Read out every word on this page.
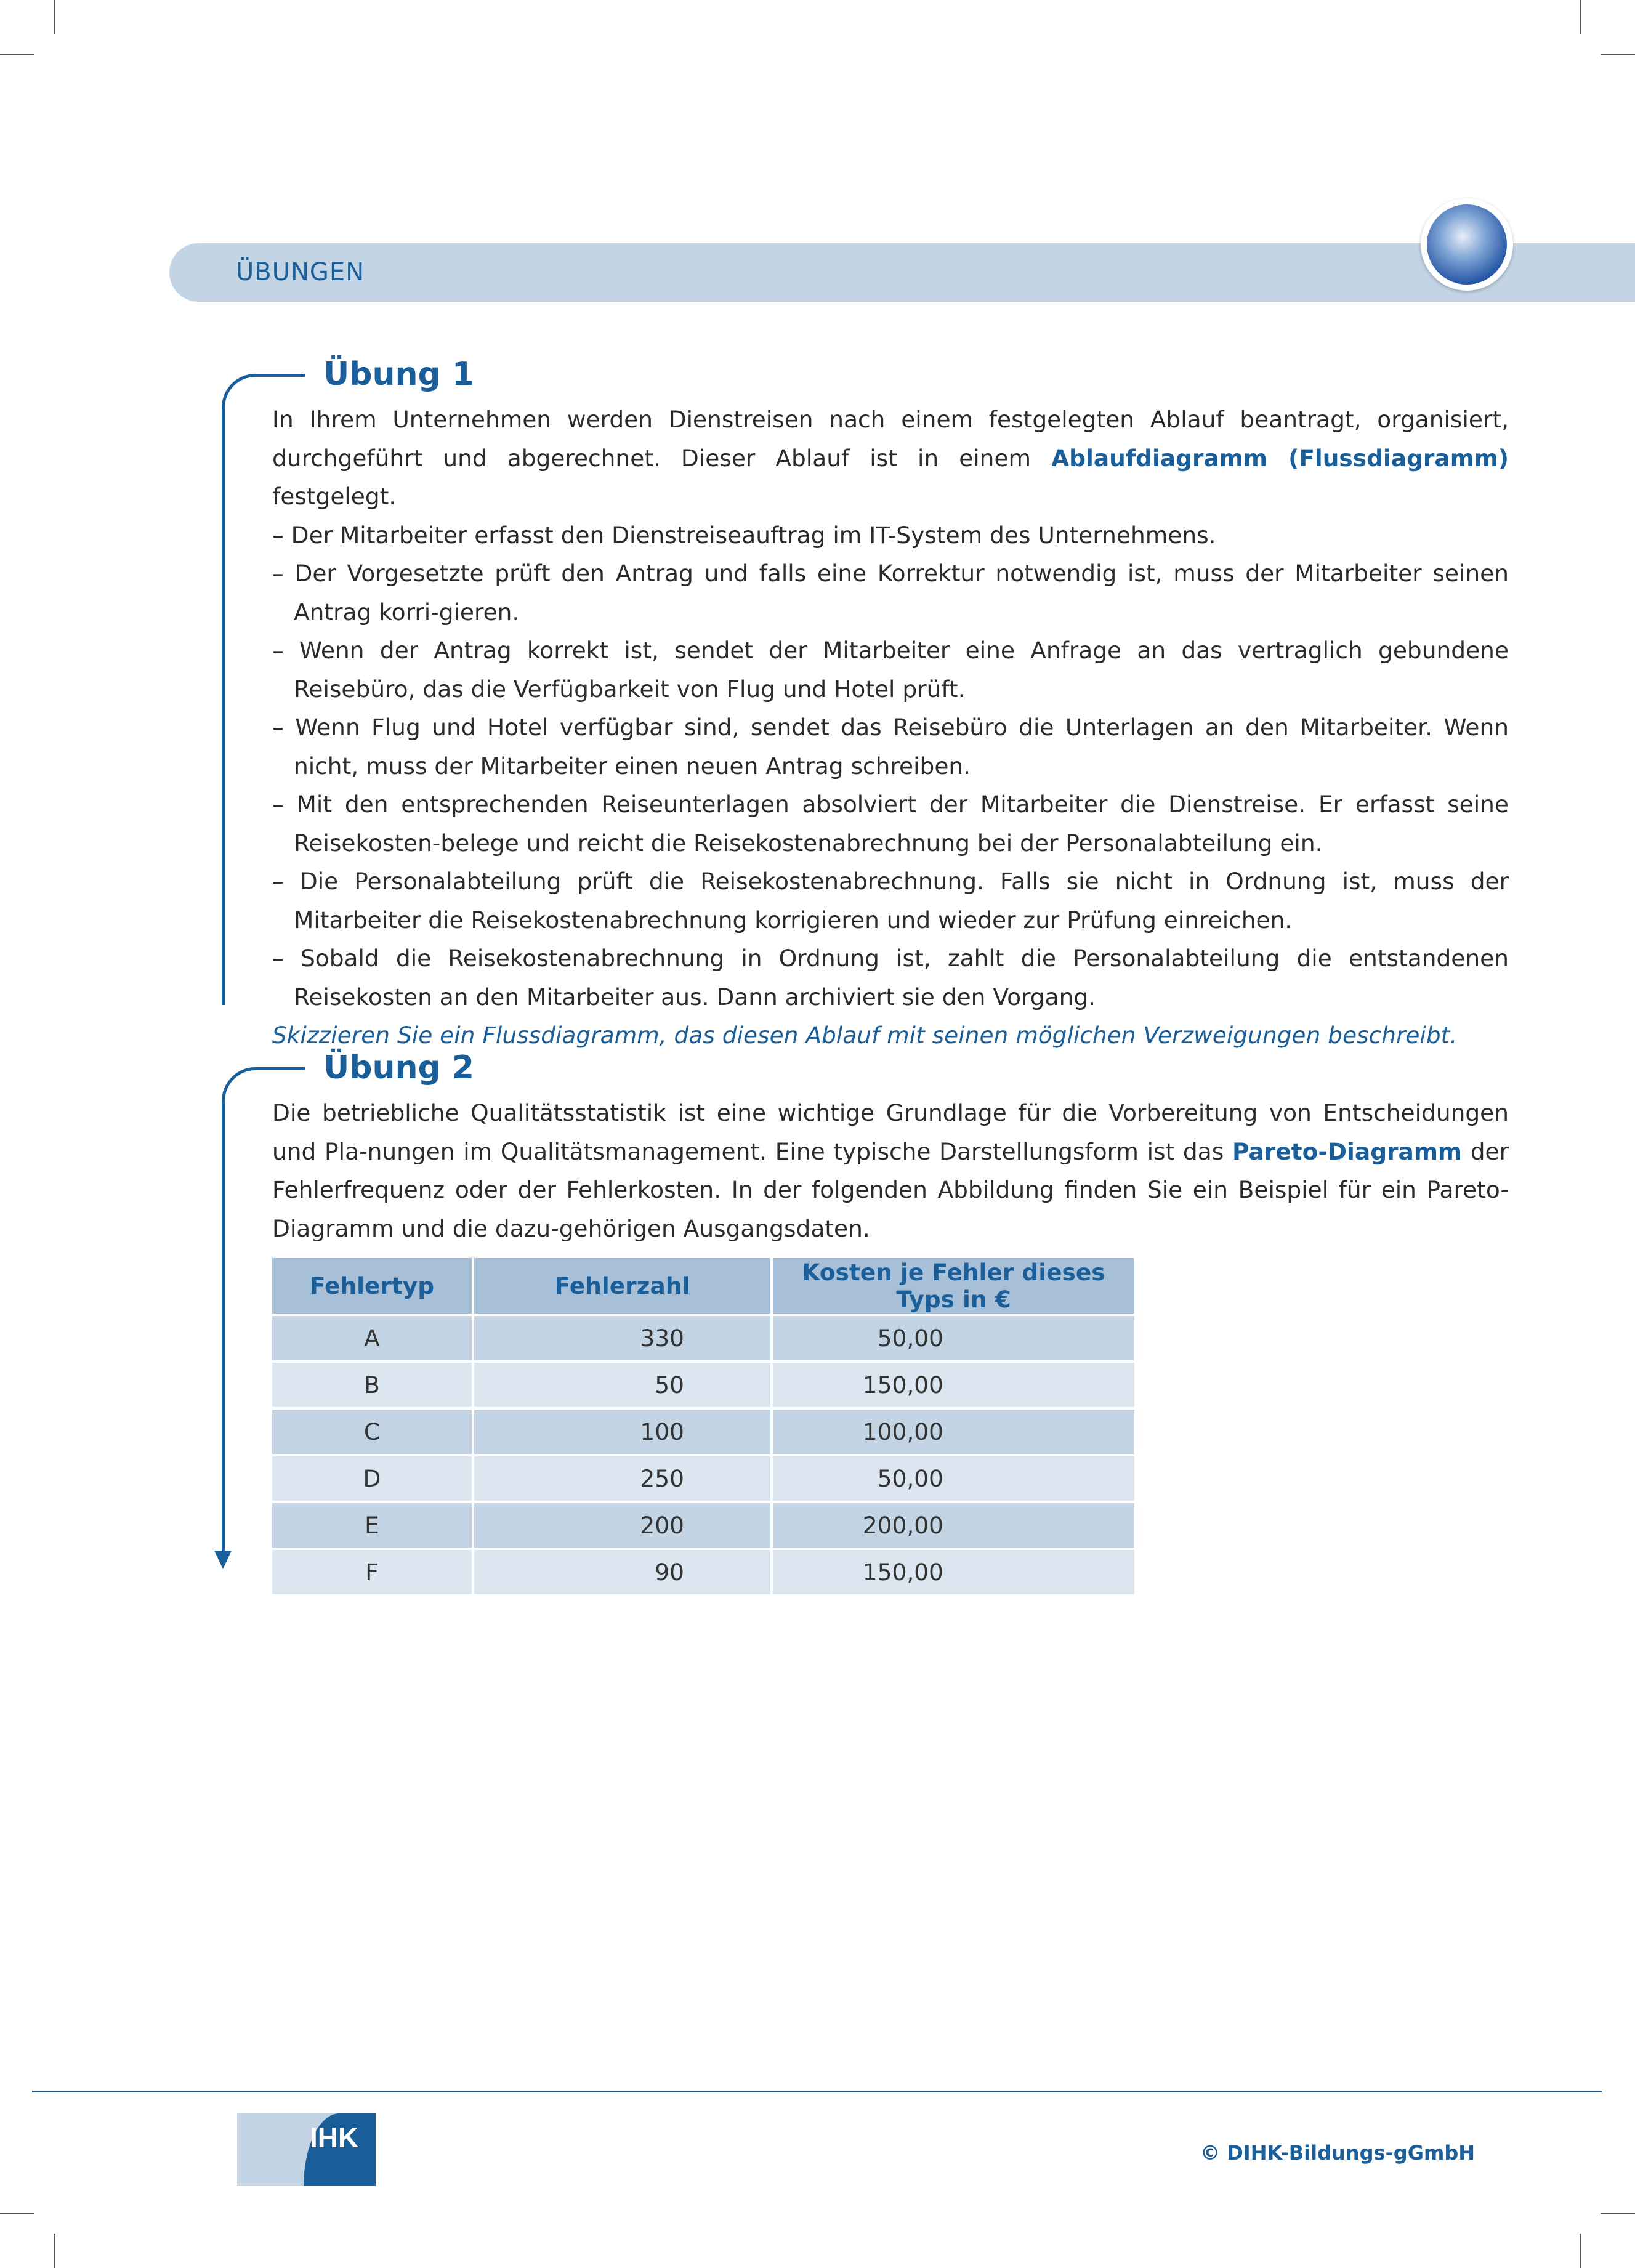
ÜBUNGEN
Übung 1

In Ihrem Unternehmen werden Dienstreisen nach einem festgelegten Ablauf beantragt, organisiert, durchgeführt und abgerechnet. Dieser Ablauf ist in einem Ablaufdiagramm (Flussdiagramm) festgelegt.

– Der Mitarbeiter erfasst den Dienstreiseauftrag im IT-System des Unternehmens.

– Der Vorgesetzte prüft den Antrag und falls eine Korrektur notwendig ist, muss der Mitarbeiter seinen Antrag korri-gieren.

– Wenn der Antrag korrekt ist, sendet der Mitarbeiter eine Anfrage an das vertraglich gebundene Reisebüro, das die Verfügbarkeit von Flug und Hotel prüft.

– Wenn Flug und Hotel verfügbar sind, sendet das Reisebüro die Unterlagen an den Mitarbeiter. Wenn nicht, muss der Mitarbeiter einen neuen Antrag schreiben.

– Mit den entsprechenden Reiseunterlagen absolviert der Mitarbeiter die Dienstreise. Er erfasst seine Reisekosten-belege und reicht die Reisekostenabrechnung bei der Personalabteilung ein.

– Die Personalabteilung prüft die Reisekostenabrechnung. Falls sie nicht in Ordnung ist, muss der Mitarbeiter die Reisekostenabrechnung korrigieren und wieder zur Prüfung einreichen.

– Sobald die Reisekostenabrechnung in Ordnung ist, zahlt die Personalabteilung die entstandenen Reisekosten an den Mitarbeiter aus. Dann archiviert sie den Vorgang.

Skizzieren Sie ein Flussdiagramm, das diesen Ablauf mit seinen möglichen Verzweigungen beschreibt.

Übung 2

Die betriebliche Qualitätsstatistik ist eine wichtige Grundlage für die Vorbereitung von Entscheidungen und Pla-nungen im Qualitätsmanagement. Eine typische Darstellungsform ist das Pareto-Diagramm der Fehlerfrequenz oder der Fehlerkosten. In der folgenden Abbildung finden Sie ein Beispiel für ein Pareto-Diagramm und die dazu-gehörigen Ausgangsdaten.

Fehlertyp	Fehlerzahl	Kosten je Fehler dieses Typs in €
A	330	50,00
B	50	150,00
C	100	100,00
D	250	50,00
E	200	200,00
F	90	150,00
IHK	© DIHK-Bildungs-gGmbH
